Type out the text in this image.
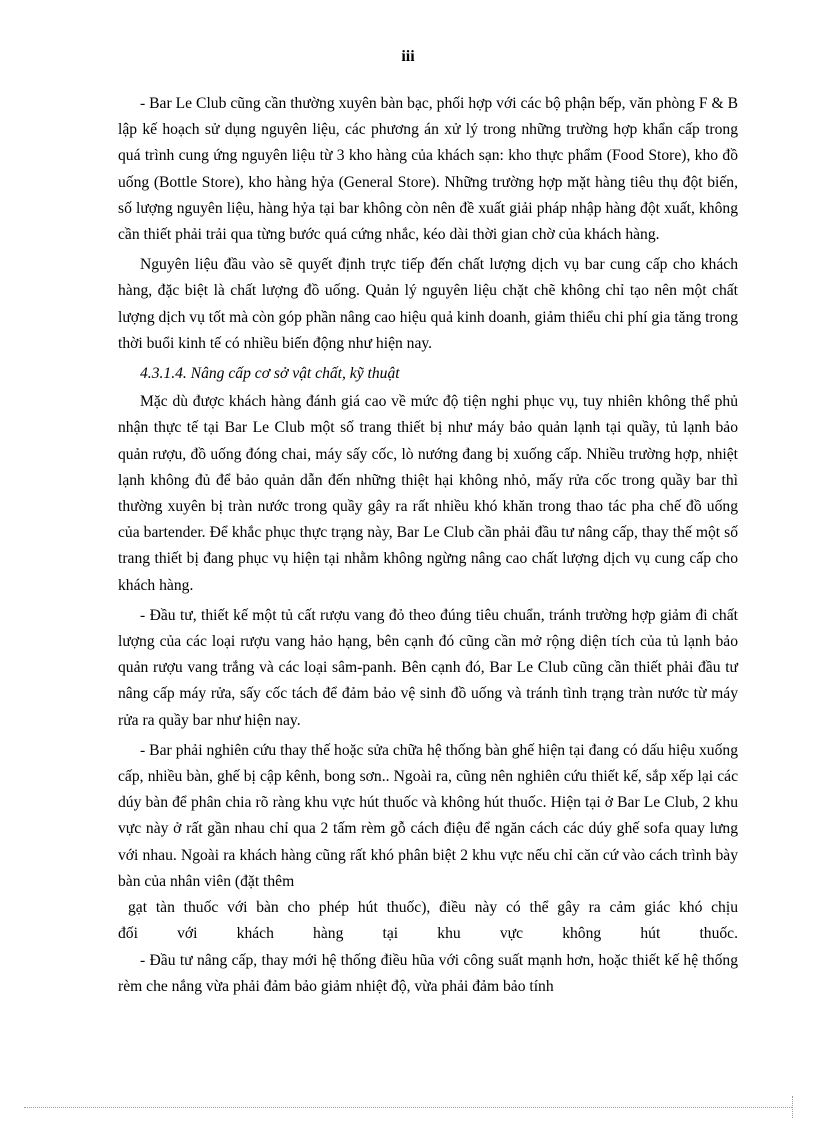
iii

- Bar Le Club cũng cần thường xuyên bàn bạc, phối hợp với các bộ phận bếp, văn phòng F & B lập kế hoạch sử dụng nguyên liệu, các phương án xử lý trong những trường hợp khẩn cấp trong quá trình cung ứng nguyên liệu từ 3 kho hàng của khách sạn: kho thực phẩm (Food Store), kho đồ uống (Bottle Store), kho hàng hỷa (General Store). Những trường hợp mặt hàng tiêu thụ đột biến, số lượng nguyên liệu, hàng hỷa tại bar không còn nên đề xuất giải pháp nhập hàng đột xuất, không cần thiết phải trải qua từng bước quá cứng nhắc, kéo dài thời gian chờ của khách hàng.

Nguyên liệu đầu vào sẽ quyết định trực tiếp đến chất lượng dịch vụ bar cung cấp cho khách hàng, đặc biệt là chất lượng đồ uống. Quản lý nguyên liệu chặt chẽ không chỉ tạo nên một chất lượng dịch vụ tốt mà còn góp phần nâng cao hiệu quả kinh doanh, giảm thiểu chi phí gia tăng trong thời buổi kinh tế có nhiều biến động như hiện nay.

4.3.1.4. Nâng cấp cơ sở vật chất, kỹ thuật

Mặc dù được khách hàng đánh giá cao về mức độ tiện nghi phục vụ, tuy nhiên không thể phủ nhận thực tế tại Bar Le Club một số trang thiết bị như máy bảo quản lạnh tại quầy, tủ lạnh bảo quản rượu, đồ uống đóng chai, máy sấy cốc, lò nướng đang bị xuống cấp. Nhiều trường hợp, nhiệt lạnh không đủ để bảo quản dẫn đến những thiệt hại không nhỏ, mấy rửa cốc trong quầy bar thì thường xuyên bị tràn nước trong quầy gây ra rất nhiều khó khăn trong thao tác pha chế đồ uống của bartender. Để khắc phục thực trạng này, Bar Le Club cần phải đầu tư nâng cấp, thay thế một số trang thiết bị đang phục vụ hiện tại nhằm không ngừng nâng cao chất lượng dịch vụ cung cấp cho khách hàng.

- Đầu tư, thiết kế một tủ cất rượu vang đỏ theo đúng tiêu chuẩn, tránh trường hợp giảm đi chất lượng của các loại rượu vang hảo hạng, bên cạnh đó cũng cần mở rộng diện tích của tủ lạnh bảo quản rượu vang trắng và các loại sâm-panh. Bên cạnh đó, Bar Le Club cũng cần thiết phải đầu tư nâng cấp máy rửa, sấy cốc tách để đảm bảo vệ sinh đồ uống và tránh tình trạng tràn nước từ máy rửa ra quầy bar như hiện nay.

- Bar phải nghiên cứu thay thế hoặc sửa chữa hệ thống bàn ghế hiện tại đang có dấu hiệu xuống cấp, nhiều bàn, ghế bị cập kênh, bong sơn.. Ngoài ra, cũng nên nghiên cứu thiết kế, sắp xếp lại các dúy bàn để phân chia rõ ràng khu vực hút thuốc và không hút thuốc. Hiện tại ở Bar Le Club, 2 khu vực này ở rất gần nhau chỉ qua 2 tấm rèm gỗ cách điệu để ngăn cách các dúy ghế sofa quay lưng với nhau. Ngoài ra khách hàng cũng rất khó phân biệt 2 khu vực nếu chỉ căn cứ vào cách trình bày bàn của nhân viên (đặt thêm

gạt tàn thuốc với bàn cho phép hút thuốc), điều này có thể gây ra cảm giác khó chịu

đối với khách hàng tại khu vực không hút thuốc.

- Đầu tư nâng cấp, thay mới hệ thống điều hũa với công suất mạnh hơn, hoặc thiết kế hệ thống rèm che nắng vừa phải đảm bảo giảm nhiệt độ, vừa phải đảm bảo tính
